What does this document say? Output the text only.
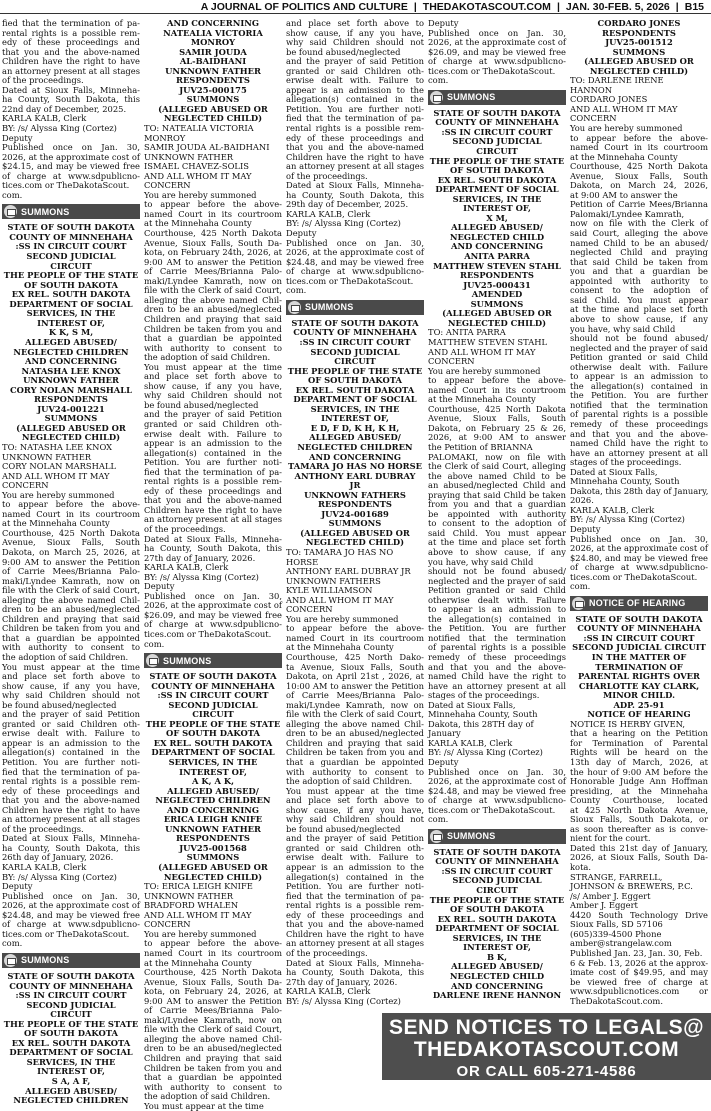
A JOURNAL OF POLITICS AND CULTURE | THEDAKOTASCOUT.COM | JAN. 30-FEB. 5, 2026 | B15
fied that the termination of pa-
rental rights is a possible rem-
edy of these proceedings and
that you and the above-named
Children have the right to have
an attorney present at all stages
of the proceedings.
Dated at Sioux Falls, Minneha-
ha County, South Dakota, this
22nd day of December, 2025.
KARLA KALB, Clerk
BY: /s/ Alyssa King (Cortez)
Deputy
Published once on Jan. 30,
2026, at the approximate cost of
$24.15, and may be viewed free
of charge at www.sdpublicno-
tices.com or TheDakotaScout.
com.
SUMMONS
STATE OF SOUTH DAKOTA
COUNTY OF MINNEHAHA
:SS IN CIRCUIT COURT
SECOND JUDICIAL
CIRCUIT
THE PEOPLE OF THE STATE
OF SOUTH DAKOTA
EX REL. SOUTH DAKOTA
DEPARTMENT OF SOCIAL
SERVICES, IN THE
INTEREST OF,
K K, S M,
ALLEGED ABUSED/
NEGLECTED CHILDREN
AND CONCERNING
NATASHA LEE KNOX
UNKNOWN FATHER
CORY NOLAN MARSHALL
RESPONDENTS
JUV24-001221
SUMMONS
(ALLEGED ABUSED OR
NEGLECTED CHILD)
TO: NATASHA LEE KNOX
UNKNOWN FATHER
CORY NOLAN MARSHALL
AND ALL WHOM IT MAY
CONCERN
You are hereby summoned
to appear before the above-
named Court in its courtroom
at the Minnehaha County
Courthouse, 425 North Dakota
Avenue, Sioux Falls, South
Dakota, on March 25, 2026, at
9:00 AM to answer the Petition
of Carrie Mees/Brianna Palo-
maki/Lyndee Kamrath, now on
file with the Clerk of said Court,
alleging the above named Chil-
dren to be an abused/neglected
Children and praying that said
Children be taken from you and
that a guardian be appointed
with authority to consent to
the adoption of said Children.
You must appear at the time
and place set forth above to
show cause, if any you have,
why said Children should not
be found abused/neglected
and the prayer of said Petition
granted or said Children oth-
erwise dealt with. Failure to
appear is an admission to the
allegation(s) contained in the
Petition. You are further noti-
fied that the termination of pa-
rental rights is a possible rem-
edy of these proceedings and
that you and the above-named
Children have the right to have
an attorney present at all stages
of the proceedings.
Dated at Sioux Falls, Minneha-
ha County, South Dakota, this
26th day of January, 2026.
KARLA KALB, Clerk
BY: /s/ Alyssa King (Cortez)
Deputy
Published once on Jan. 30,
2026, at the approximate cost of
$24.48, and may be viewed free
of charge at www.sdpublicno-
tices.com or TheDakotaScout.
com.
SUMMONS
STATE OF SOUTH DAKOTA
COUNTY OF MINNEHAHA
:SS IN CIRCUIT COURT
SECOND JUDICIAL
CIRCUIT
THE PEOPLE OF THE STATE
OF SOUTH DAKOTA
EX REL. SOUTH DAKOTA
DEPARTMENT OF SOCIAL
SERVICES, IN THE
INTEREST OF,
S A, A F,
ALLEGED ABUSED/
NEGLECTED CHILDREN
AND CONCERNING
NATEALIA VICTORIA
MONROY
SAMIR JOUDA
AL-BAIDHANI
UNKNOWN FATHER
RESPONDENTS
JUV25-000175
SUMMONS
(ALLEGED ABUSED OR
NEGLECTED CHILD)
TO: NATEALIA VICTORIA
MONROY
SAMIR JOUDA AL-BAIDHANI
UNKNOWN FATHER
ISMAEL CHAVEZ-SOLIS
AND ALL WHOM IT MAY
CONCERN
You are hereby summoned
to appear before the above-
named Court in its courtroom
at the Minnehaha County
Courthouse, 425 North Dakota
Avenue, Sioux Falls, South Da-
kota, on February 24th, 2026, at
9:00 AM to answer the Petition
of Carrie Mees/Brianna Palo-
maki/Lyndee Kamrath, now on
file with the Clerk of said Court,
alleging the above named Chil-
dren to be an abused/neglected
Children and praying that said
Children be taken from you and
that a guardian be appointed
with authority to consent to
the adoption of said Children.
You must appear at the time
and place set forth above to
show cause, if any you have,
why said Children should not
be found abused/neglected
and the prayer of said Petition
granted or said Children oth-
erwise dealt with. Failure to
appear is an admission to the
allegation(s) contained in the
Petition. You are further noti-
fied that the termination of pa-
rental rights is a possible rem-
edy of these proceedings and
that you and the above-named
Children have the right to have
an attorney present at all stages
of the proceedings.
Dated at Sioux Falls, Minneha-
ha County, South Dakota, this
27th day of January, 2026.
KARLA KALB, Clerk
BY: /s/ Alyssa King (Cortez)
Deputy
Published once on Jan. 30,
2026, at the approximate cost of
$26.09, and may be viewed free
of charge at www.sdpublicno-
tices.com or TheDakotaScout.
com.
SUMMONS
STATE OF SOUTH DAKOTA
COUNTY OF MINNEHAHA
:SS IN CIRCUIT COURT
SECOND JUDICIAL
CIRCUIT
THE PEOPLE OF THE STATE
OF SOUTH DAKOTA
EX REL. SOUTH DAKOTA
DEPARTMENT OF SOCIAL
SERVICES, IN THE
INTEREST OF,
A K, A K,
ALLEGED ABUSED/
NEGLECTED CHILDREN
AND CONCERNING
ERICA LEIGH KNIFE
UNKNOWN FATHER
RESPONDENTS
JUV25-001568
SUMMONS
(ALLEGED ABUSED OR
NEGLECTED CHILD)
TO: ERICA LEIGH KNIFE
UNKNOWN FATHER
BRADFORD WHALEN
AND ALL WHOM IT MAY
CONCERN
You are hereby summoned
to appear before the above-
named Court in its courtroom
at the Minnehaha County
Courthouse, 425 North Dakota
Avenue, Sioux Falls, South Da-
kota, on February 24, 2026, at
9:00 AM to answer the Petition
of Carrie Mees/Brianna Palo-
maki/Lyndee Kamrath, now on
file with the Clerk of said Court,
alleging the above named Chil-
dren to be an abused/neglected
Children and praying that said
Children be taken from you and
that a guardian be appointed
with authority to consent to
the adoption of said Children.
You must appear at the time
and place set forth above to
show cause, if any you have,
why said Children should not
be found abused/neglected
and the prayer of said Petition
granted or said Children oth-
erwise dealt with. Failure to
appear is an admission to the
allegation(s) contained in the
Petition. You are further noti-
fied that the termination of pa-
rental rights is a possible rem-
edy of these proceedings and
that you and the above-named
Children have the right to have
an attorney present at all stages
of the proceedings.
Dated at Sioux Falls, Minneha-
ha County, South Dakota, this
29th day of December, 2025.
KARLA KALB, Clerk
BY: /s/ Alyssa King (Cortez)
Deputy
Published once on Jan. 30,
2026, at the approximate cost of
$24.48, and may be viewed free
of charge at www.sdpublicno-
tices.com or TheDakotaScout.
com.
SUMMONS
STATE OF SOUTH DAKOTA
COUNTY OF MINNEHAHA
:SS IN CIRCUIT COURT
SECOND JUDICIAL
CIRCUIT
THE PEOPLE OF THE STATE
OF SOUTH DAKOTA
EX REL. SOUTH DAKOTA
DEPARTMENT OF SOCIAL
SERVICES, IN THE
INTEREST OF,
E D, F D, K H, K H,
ALLEGED ABUSED/
NEGLECTED CHILDREN
AND CONCERNING
TAMARA JO HAS NO HORSE
ANTHONY EARL DUBRAY
JR
UNKNOWN FATHERS
RESPONDENTS
JUV24-001689
SUMMONS
(ALLEGED ABUSED OR
NEGLECTED CHILD)
TO: TAMARA JO HAS NO
HORSE
ANTHONY EARL DUBRAY JR
UNKNOWN FATHERS
KYLE WILLIAMSON
AND ALL WHOM IT MAY
CONCERN
You are hereby summoned
to appear before the above-
named Court in its courtroom
at the Minnehaha County
Courthouse, 425 North Dako-
ta Avenue, Sioux Falls, South
Dakota, on April 21st , 2026, at
10:00 AM to answer the Petition
of Carrie Mees/Brianna Palo-
maki/Lyndee Kamrath, now on
file with the Clerk of said Court,
alleging the above named Chil-
dren to be an abused/neglected
Children and praying that said
Children be taken from you and
that a guardian be appointed
with authority to consent to
the adoption of said Children.
You must appear at the time
and place set forth above to
show cause, if any you have,
why said Children should not
be found abused/neglected
and the prayer of said Petition
granted or said Children oth-
erwise dealt with. Failure to
appear is an admission to the
allegation(s) contained in the
Petition. You are further noti-
fied that the termination of pa-
rental rights is a possible rem-
edy of these proceedings and
that you and the above-named
Children have the right to have
an attorney present at all stages
of the proceedings.
Dated at Sioux Falls, Minneha-
ha County, South Dakota, this
27th day of January, 2026.
KARLA KALB, Clerk
BY: /s/ Alyssa King (Cortez)
Deputy
Published once on Jan. 30,
2026, at the approximate cost of
$26.09, and may be viewed free
of charge at www.sdpublicno-
tices.com or TheDakotaScout.
com.
SUMMONS
STATE OF SOUTH DAKOTA
COUNTY OF MINNEHAHA
:SS IN CIRCUIT COURT
SECOND JUDICIAL
CIRCUIT
THE PEOPLE OF THE STATE
OF SOUTH DAKOTA
EX REL. SOUTH DAKOTA
DEPARTMENT OF SOCIAL
SERVICES, IN THE
INTEREST OF,
X M,
ALLEGED ABUSED/
NEGLECTED CHILD
AND CONCERNING
ANITA PARRA
MATTHEW STEVEN STAHL
RESPONDENTS
JUV25-000431
AMENDED
SUMMONS
(ALLEGED ABUSED OR
NEGLECTED CHILD)
TO: ANITA PARRA
MATTHEW STEVEN STAHL
AND ALL WHOM IT MAY
CONCERN
You are hereby summoned
to appear before the above-
named Court in its courtroom
at the Minnehaha County
Courthouse, 425 North Dakota
Avenue, Sioux Falls, South
Dakota, on February 25 & 26,
2026, at 9:00 AM to answer
the Petition of BRIANNA
PALOMAKI, now on file with
the Clerk of said Court, alleging
the above named Child to be
an abused/neglected Child and
praying that said Child be taken
from you and that a guardian
be appointed with authority
to consent to the adoption of
said Child. You must appear
at the time and place set forth
above to show cause, if any
you have, why said Child
should not be found abused/
neglected and the prayer of said
Petition granted or said Child
otherwise dealt with. Failure
to appear is an admission to
the allegation(s) contained in
the Petition. You are further
notified that the termination
of parental rights is a possible
remedy of these proceedings
and that you and the above-
named Child have the right to
have an attorney present at all
stages of the proceedings.
Dated at Sioux Falls,
Minnehaha County, South
Dakota, this 28TH day of
January
KARLA KALB, Clerk
BY: /s/ Alyssa King (Cortez)
Deputy
Published once on Jan. 30,
2026, at the approximate cost of
$24.48, and may be viewed free
of charge at www.sdpublicno-
tices.com or TheDakotaScout.
com.
SUMMONS
STATE OF SOUTH DAKOTA
COUNTY OF MINNEHAHA
:SS IN CIRCUIT COURT
SECOND JUDICIAL
CIRCUIT
THE PEOPLE OF THE STATE
OF SOUTH DAKOTA
EX REL. SOUTH DAKOTA
DEPARTMENT OF SOCIAL
SERVICES, IN THE
INTEREST OF,
B K,
ALLEGED ABUSED/
NEGLECTED CHILD
AND CONCERNING
DARLENE IRENE HANNON
CORDARO JONES
RESPONDENTS
JUV25-001512
SUMMONS
(ALLEGED ABUSED OR
NEGLECTED CHILD)
TO: DARLENE IRENE
HANNON
CORDARO JONES
AND ALL WHOM IT MAY
CONCERN
You are hereby summoned
to appear before the above-
named Court in its courtroom
at the Minnehaha County
Courthouse, 425 North Dakota
Avenue, Sioux Falls, South
Dakota, on March 24, 2026,
at 9:00 AM to answer the
Petition of Carrie Mees/Brianna
Palomaki/Lyndee Kamrath,
now on file with the Clerk of
said Court, alleging the above
named Child to be an abused/
neglected Child and praying
that said Child be taken from
you and that a guardian be
appointed with authority to
consent to the adoption of
said Child. You must appear
at the time and place set forth
above to show cause, if any
you have, why said Child
should not be found abused/
neglected and the prayer of said
Petition granted or said Child
otherwise dealt with. Failure
to appear is an admission to
the allegation(s) contained in
the Petition. You are further
notified that the termination
of parental rights is a possible
remedy of these proceedings
and that you and the above-
named Child have the right to
have an attorney present at all
stages of the proceedings.
Dated at Sioux Falls,
Minnehaha County, South
Dakota, this 28th day of January,
2026.
KARLA KALB, Clerk
BY: /s/ Alyssa King (Cortez)
Deputy
Published once on Jan. 30,
2026, at the approximate cost of
$24.80, and may be viewed free
of charge at www.sdpublicno-
tices.com or TheDakotaScout.
com.
NOTICE OF HEARING
STATE OF SOUTH DAKOTA
COUNTY OF MINNEHAHA
:SS IN CIRCUIT COURT
SECOND JUDICIAL CIRCUIT
IN THE MATTER OF
TERMINATION OF
PARENTAL RIGHTS OVER
CHARLOTTE KAY CLARK,
MINOR CHILD.
ADP. 25-91
NOTICE OF HEARING
NOTICE IS HERBY GIVEN,
that a hearing on the Petition
for Termination of Parental
Rights will be heard on the
13th day of March, 2026, at
the hour of 9:00 AM before the
Honorable Judge Ann Hoffman
presiding, at the Minnehaha
County Courthouse, located
at 425 North Dakota Avenue,
Sioux Falls, South Dakota, or
as soon thereafter as is conve-
nient for the court.
Dated this 21st day of January,
2026, at Sioux Falls, South Da-
kota.
STRANGE, FARRELL,
JOHNSON & BREWERS, P.C.
/s/ Amber J. Eggert
Amber J. Eggert
4420 South Technology Drive
Sioux Falls, SD 57106
(605)339-4500 Phone
amber@strangelaw.com
Published Jan. 23, Jan. 30, Feb.
6 & Feb. 13, 2026 at the approx-
imate cost of $49.95, and may
be viewed free of charge at
www.sdpublicnotices.com or
TheDakotaScout.com.
SEND NOTICES TO LEGALS@
THEDAKOTASCOUT.COM
OR CALL 605-271-4586
